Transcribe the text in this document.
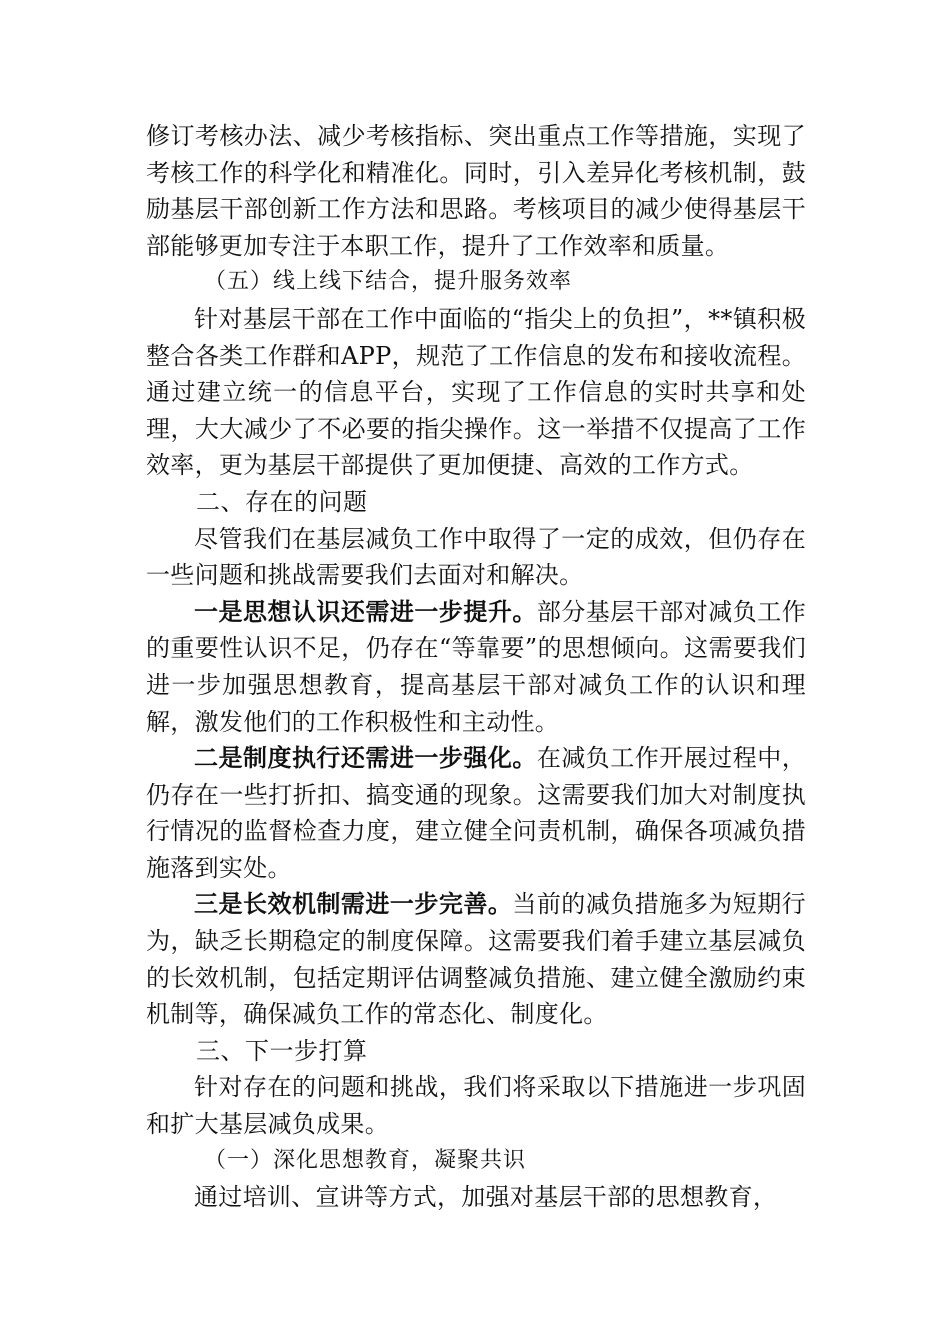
修订考核办法、减少考核指标、突出重点工作等措施，实现了考核工作的科学化和精准化。同时，引入差异化考核机制，鼓励基层干部创新工作方法和思路。考核项目的减少使得基层干部能够更加专注于本职工作，提升了工作效率和质量。

（五）线上线下结合，提升服务效率

针对基层干部在工作中面临的“指尖上的负担”，**镇积极整合各类工作群和APP，规范了工作信息的发布和接收流程。通过建立统一的信息平台，实现了工作信息的实时共享和处理，大大减少了不必要的指尖操作。这一举措不仅提高了工作效率，更为基层干部提供了更加便捷、高效的工作方式。

二、存在的问题

尽管我们在基层减负工作中取得了一定的成效，但仍存在一些问题和挑战需要我们去面对和解决。

一是思想认识还需进一步提升。部分基层干部对减负工作的重要性认识不足，仍存在“等靠要”的思想倾向。这需要我们进一步加强思想教育，提高基层干部对减负工作的认识和理解，激发他们的工作积极性和主动性。

二是制度执行还需进一步强化。在减负工作开展过程中，仍存在一些打折扣、搞变通的现象。这需要我们加大对制度执行情况的监督检查力度，建立健全问责机制，确保各项减负措施落到实处。

三是长效机制需进一步完善。当前的减负措施多为短期行为，缺乏长期稳定的制度保障。这需要我们着手建立基层减负的长效机制，包括定期评估调整减负措施、建立健全激励约束机制等，确保减负工作的常态化、制度化。

三、下一步打算

针对存在的问题和挑战，我们将采取以下措施进一步巩固和扩大基层减负成果。

（一）深化思想教育，凝聚共识

通过培训、宣讲等方式，加强对基层干部的思想教育，
